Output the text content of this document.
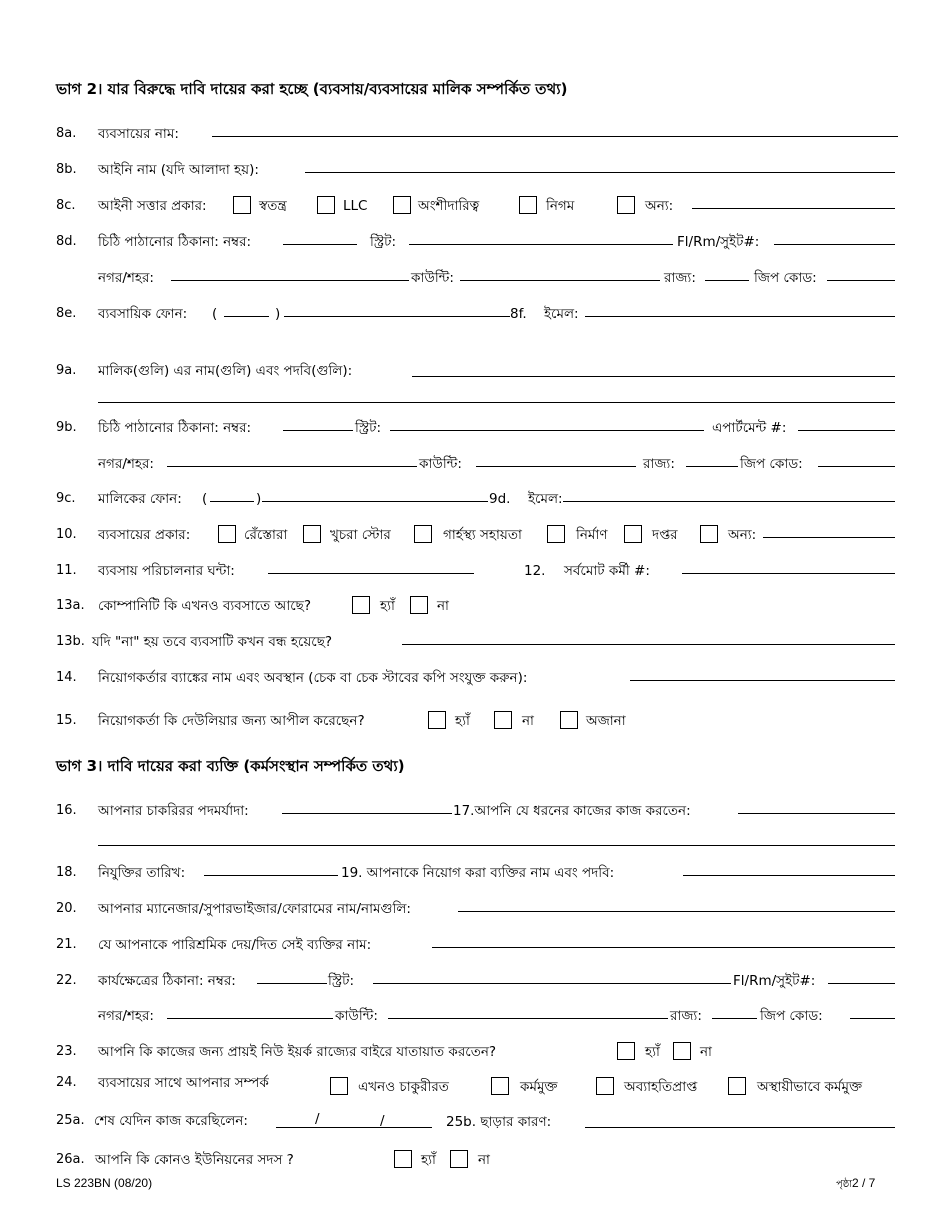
ভাগ 2। যার বিরুদ্ধে দাবি দায়ের করা হচ্ছে (ব্যবসায়/ব্যবসায়ের মালিক সম্পর্কিত তথ্য)
8a. ব্যবসায়ের নাম:
8b. আইনি নাম (যদি আলাদা হয়):
8c. আইনী সত্তার প্রকার:	স্বতন্ত্র	LLC	অংশীদারিত্ব	নিগম	অন্য:
8d. চিঠি পাঠানোর ঠিকানা: নম্বর:	স্ট্রিট:	Fl/Rm/সুইট#:
নগর/শহর:	কাউন্টি:	রাজ্য:	জিপ কোড:
8e. ব্যবসায়িক ফোন: (	)	8f. ইমেল:
9a. মালিক(গুলি) এর নাম(গুলি) এবং পদবি(গুলি):
9b. চিঠি পাঠানোর ঠিকানা: নম্বর:	স্ট্রিট:	এপার্টমেন্ট #:
নগর/শহর:	কাউন্টি:	রাজ্য:	জিপ কোড:
9c. মালিকের ফোন: (	)	9d. ইমেল:
10. ব্যবসায়ের প্রকার:	রেঁস্তোরা	খুচরা স্টোর	গার্হস্থ্য সহায়তা	নির্মাণ	দপ্তর	অন্য:
11. ব্যবসায় পরিচালনার ঘন্টা:	12. সর্বমোট কর্মী #:
13a. কোম্পানিটি কি এখনও ব্যবসাতে আছে?	হ্যাঁ	না
13b. যদি "না" হয় তবে ব্যবসাটি কখন বন্ধ হয়েছে?
14. নিয়োগকর্তার ব্যাঙ্কের নাম এবং অবস্থান (চেক বা চেক স্টাবের কপি সংযুক্ত করুন):
15. নিয়োগকর্তা কি দেউলিয়ার জন্য আপীল করেছেন?	হ্যাঁ	না	অজানা
ভাগ 3। দাবি দায়ের করা ব্যক্তি (কর্মসংস্থান সম্পর্কিত তথ্য)
16. আপনার চাকরিরর পদমর্যাদা:	17.আপনি যে ধরনের কাজের কাজ করতেন:
18. নিযুক্তির তারিখ:	19. আপনাকে নিয়োগ করা ব্যক্তির নাম এবং পদবি:
20. আপনার ম্যানেজার/সুপারভাইজার/ফোরামের নাম/নামগুলি:
21. যে আপনাকে পারিশ্রমিক দেয়/দিত সেই ব্যক্তির নাম:
22. কার্যক্ষেত্রের ঠিকানা: নম্বর:	স্ট্রিট:	Fl/Rm/সুইট#:
নগর/শহর:	কাউন্টি:	রাজ্য:	জিপ কোড:
23. আপনি কি কাজের জন্য প্রায়ই নিউ ইয়র্ক রাজ্যের বাইরে যাতায়াত করতেন?	হ্যাঁ	না
24. ব্যবসায়ের সাথে আপনার সম্পর্ক	এখনও চাকুরীরত	কর্মমুক্ত	অব্যাহতিপ্রাপ্ত	অস্থায়ীভাবে কর্মমুক্ত
25a. শেষ যেদিন কাজ করেছিলেন:	/	/	25b. ছাড়ার কারণ:
26a. আপনি কি কোনও ইউনিয়নের সদস ?	হ্যাঁ	না
LS 223BN (08/20)	পৃষ্ঠা 2 / 7
